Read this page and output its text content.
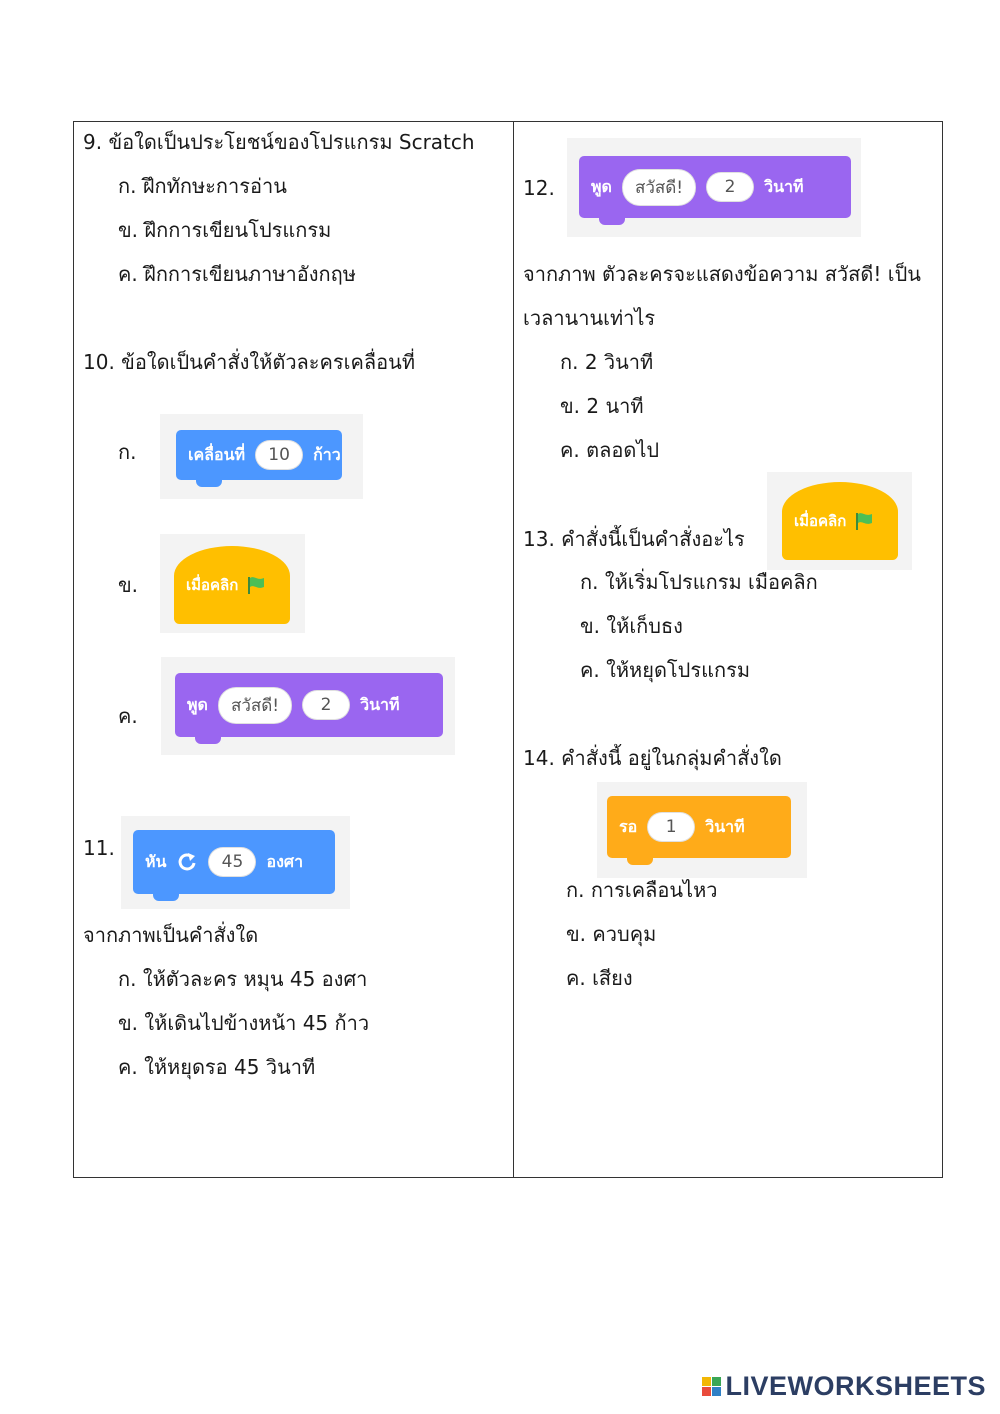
9. ข้อใดเป็นประโยชน์ของโปรแกรม Scratch
ก. ฝึกทักษะการอ่าน
ข. ฝึกการเขียนโปรแกรม
ค. ฝึกการเขียนภาษาอังกฤษ
10. ข้อใดเป็นคำสั่งให้ตัวละครเคลื่อนที่
ก.	เคลื่อนที่	10	ก้าว
ข.	เมื่อคลิก
ค.	พูด	สวัสดี!	2	วินาที
11.
หัน	45	องศา
จากภาพเป็นคำสั่งใด
ก. ให้ตัวละคร หมุน 45 องศา
ข. ให้เดินไปข้างหน้า 45 ก้าว
ค. ให้หยุดรอ 45 วินาที
12. พูด	สวัสดี!	2	วินาที
จากภาพ ตัวละครจะแสดงข้อความ สวัสดี! เป็น
เวลานานเท่าไร
ก. 2 วินาที
ข. 2 นาที
ค. ตลอดไป
13. คำสั่งนี้เป็นคำสั่งอะไร
เมื่อคลิก
ก. ให้เริ่มโปรแกรม เมือคลิก
ข. ให้เก็บธง
ค. ให้หยุดโปรแกรม
14. คำสั่งนี้ อยู่ในกลุ่มคำสั่งใด
รอ	1	วินาที
ก. การเคลือนไหว
ข. ควบคุม
ค. เสียง
LIVEWORKSHEETS
